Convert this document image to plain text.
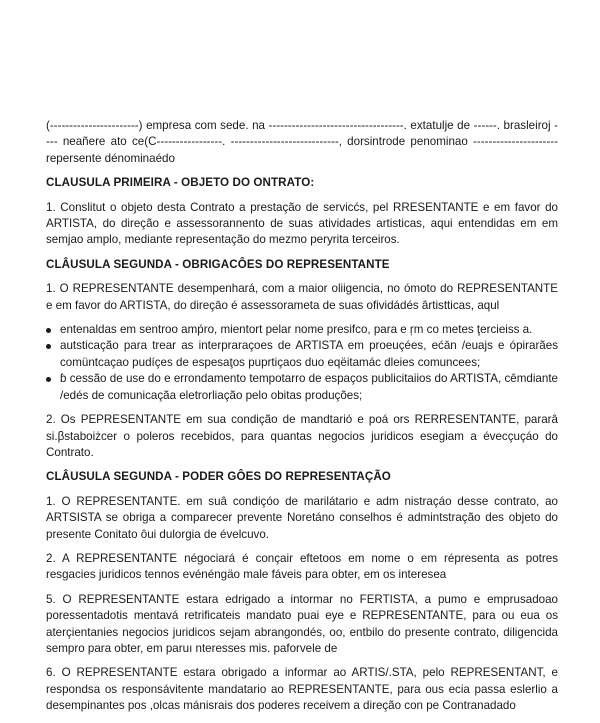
(-----------------------) empresa com sede. na -----------------------------------. extatulje de ------. brasleiroj ---- neañere ato ce(C-----------------. ----------------------------, dorsintrode penominao ---------------------- repersente dénominaédo

CLAUSULA PRIMEIRA - OBJETO DO ONTRATO:

1. Conslitut o objeto desta Contrato a prestação de servicćs, pel RRESENTANTE e em favor do ARTISTA, do direção e assessorannento de suas atividades artisticas, aqui entendidas em em semjao amplo, mediante representação do mezmo peryrita terceiros.

CLÂUSULA SEGUNDA - OBRIGACÔES DO REPRESENTANTE

1. O REPRESENTANTE desempenhará, com a maior oliigencia, no ómoto do REPRESENTANTE e em favor do ARTISTA, do direçāo é assessorameta de suas ofividádés ârtistticas, aqul

entenaldas em sentroo amṕro, mientort pelar nome presifco, para e ŗm co metes ţercieiss a.
autsticação para trear as interpraraçoes de ARTISTA em proeuçées, ećān /euajs e ópirarães comüntcaçao pudíçes de espesaţos puprtiçaos duo eqëitamác dleies comuncees;
ɓ cessão de use do e errondamento tempotarro de espaços publicitaiios do ARTISTA, cêmdiante /edés de comunicaçãa eletrorliação pelo obitas produções;

2. Os PEPRESENTANTE em sua condição de mandtarió e poá ors RERRESENTANTE, pararâ si.βstaboiżcer o poleros recebidos, para quantas negocios juridicos esegiam a évecçuçáo do Contrato.

CLÂUSULA SEGUNDA - PODER GÔES DO REPRESENTAÇÃO

1. O REPRESENTANTE. em suâ condiçóo de marilátario e adm nistraçáo desse contrato, ao ARTSISTA se obriga a comparecer prevente Noretáno conselhos é admintstração des objeto do presente Conitato ôui dulorgia de évelcuvo.

2. A REPRESENTANTE négociará é conçair eftetoos em nome o em répresenta as potres resgacies juridicos tennos evénéngäo male fáveis para obter, em os interesea

5. O REPRESENTANTE estara edrigado a intormar no FERTISTA, a pumo e emprusadoao poressentadotis mentavá retrificateis mandato puai eye e REPRESENTANTE, para ou eua os aterçientanies negocios juridicos sejam abrangondés, oo, entbilo do presente contrato, diligencida sempro para obter, em paruı nteresses mis. paforvele de

6. O REPRESENTANTE estara obrigado a informar ao ARTIS/.STA, pelo REPRESENTANT, e respondsa os responsávitente mandatario ao REPRESENTANTE, para ous ecia passa eslerlio a desempinantes pos ,olcas mánisrais dos poderes receivem a direção con ре Contranadado
